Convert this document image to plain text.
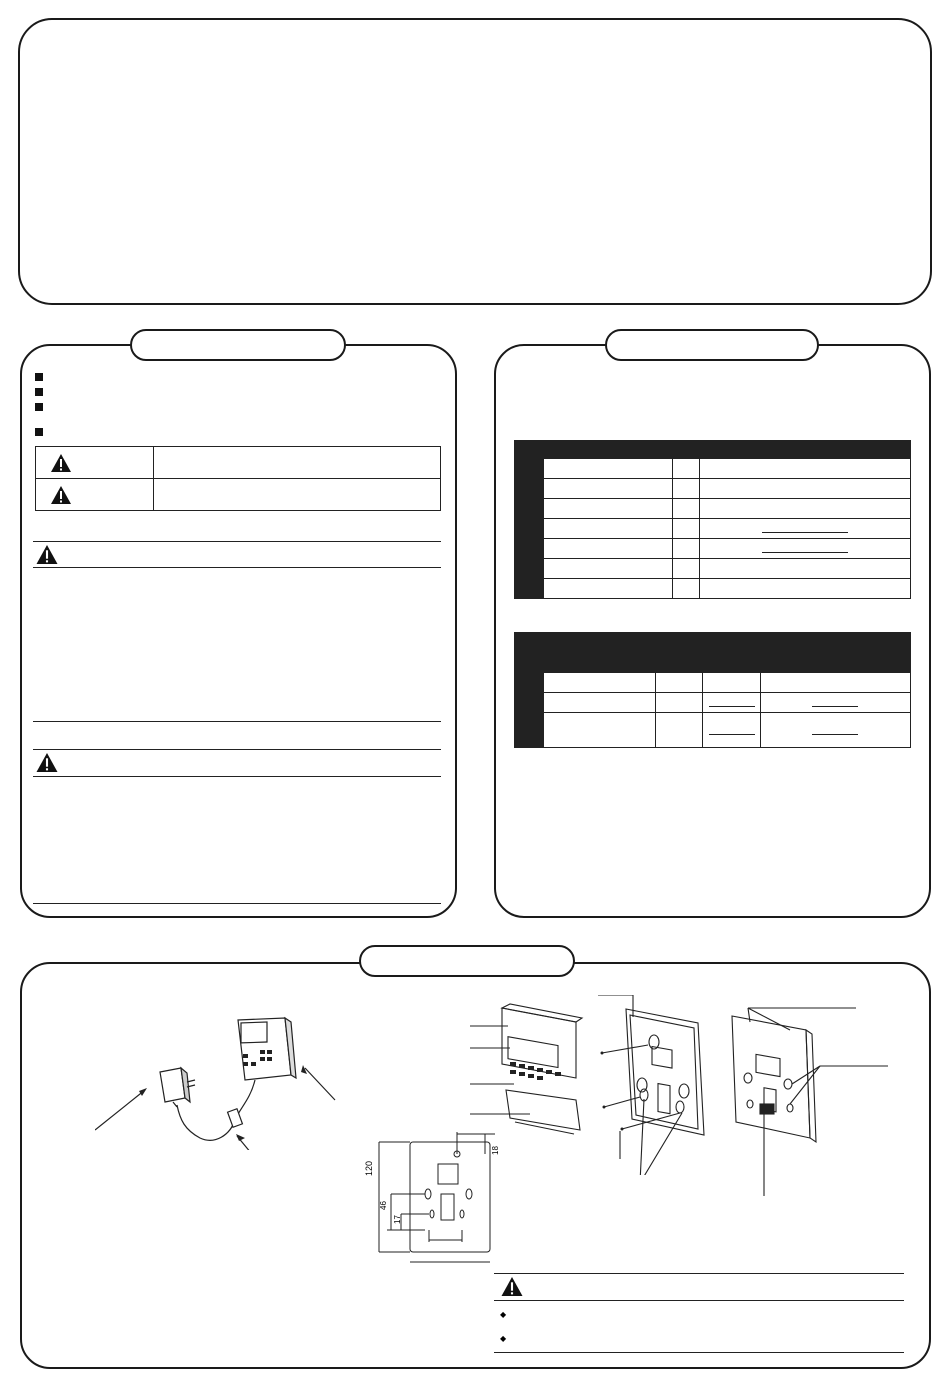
120
46
17
18
◆
◆
